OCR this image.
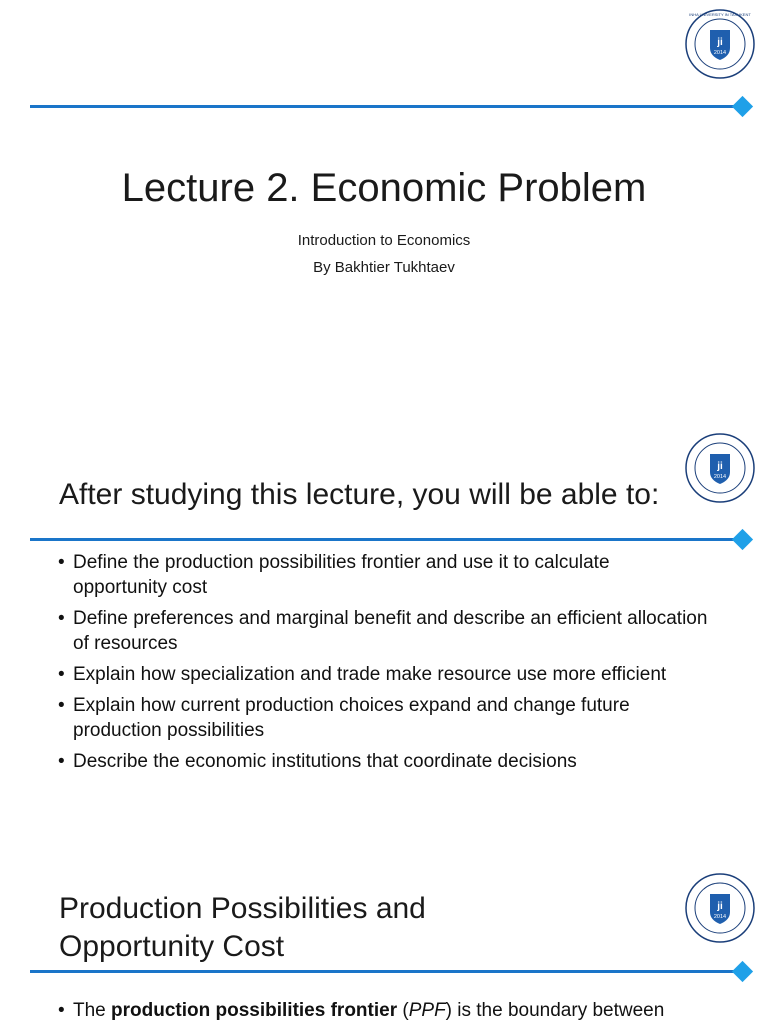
ji
2014
INHA UNIVERSITY IN TASHKENT
Lecture 2. Economic Problem
Introduction to Economics
By Bakhtier Tukhtaev
ji
2014
After studying this lecture, you will be able to:
• Define the production possibilities frontier and use it to calculate opportunity cost
• Define preferences and marginal benefit and describe an efficient allocation of resources
• Explain how specialization and trade make resource use more efficient
• Explain how current production choices expand and change future production possibilities
• Describe the economic institutions that coordinate decisions
ji
2014
Production Possibilities and
Opportunity Cost
• The production possibilities frontier (PPF) is the boundary between
